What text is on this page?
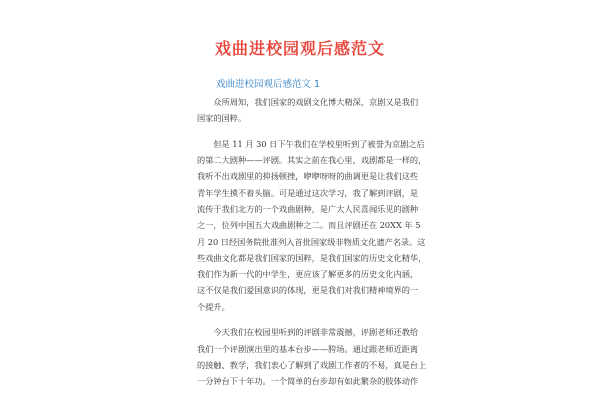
戏曲进校园观后感范文
戏曲进校园观后感范文 1
　　众所周知，我们国家的戏剧文化博大精深，京剧又是我们
国家的国粹。
　　但是 11 月 30 日下午我们在学校里听到了被誉为京剧之后
的第二大剧种——评剧。其实之前在我心里，戏剧都是一样的，
我听不出戏剧里的抑扬顿挫，咿咿呀呀的曲调更是让我们这些
青年学生摸不着头脑。可是通过这次学习，我了解到评剧，是
流传于我们北方的一个戏曲剧种，是广大人民喜闻乐见的剧种
之一，位列中国五大戏曲剧种之二。而且评剧还在 20XX 年 5
月 20 日经国务院批准列入首批国家级非物质文化遗产名录。这
些戏曲文化都是我们国家的国粹，是我们国家的历史文化精华，
我们作为新一代的中学生，更应该了解更多的历史文化内涵，
这不仅是我们爱国意识的体现，更是我们对我们精神境界的一
个提升。
　　今天我们在校园里听到的评剧非常震撼，评剧老师还教给
我们一个评剧演出里的基本台步——胯场。通过跟老师近距离
的接触、教学，我们衷心了解到了戏剧工作者的不易，真是台上
一分钟台下十年功。一个简单的台步却有如此繁杂的肢体动作
